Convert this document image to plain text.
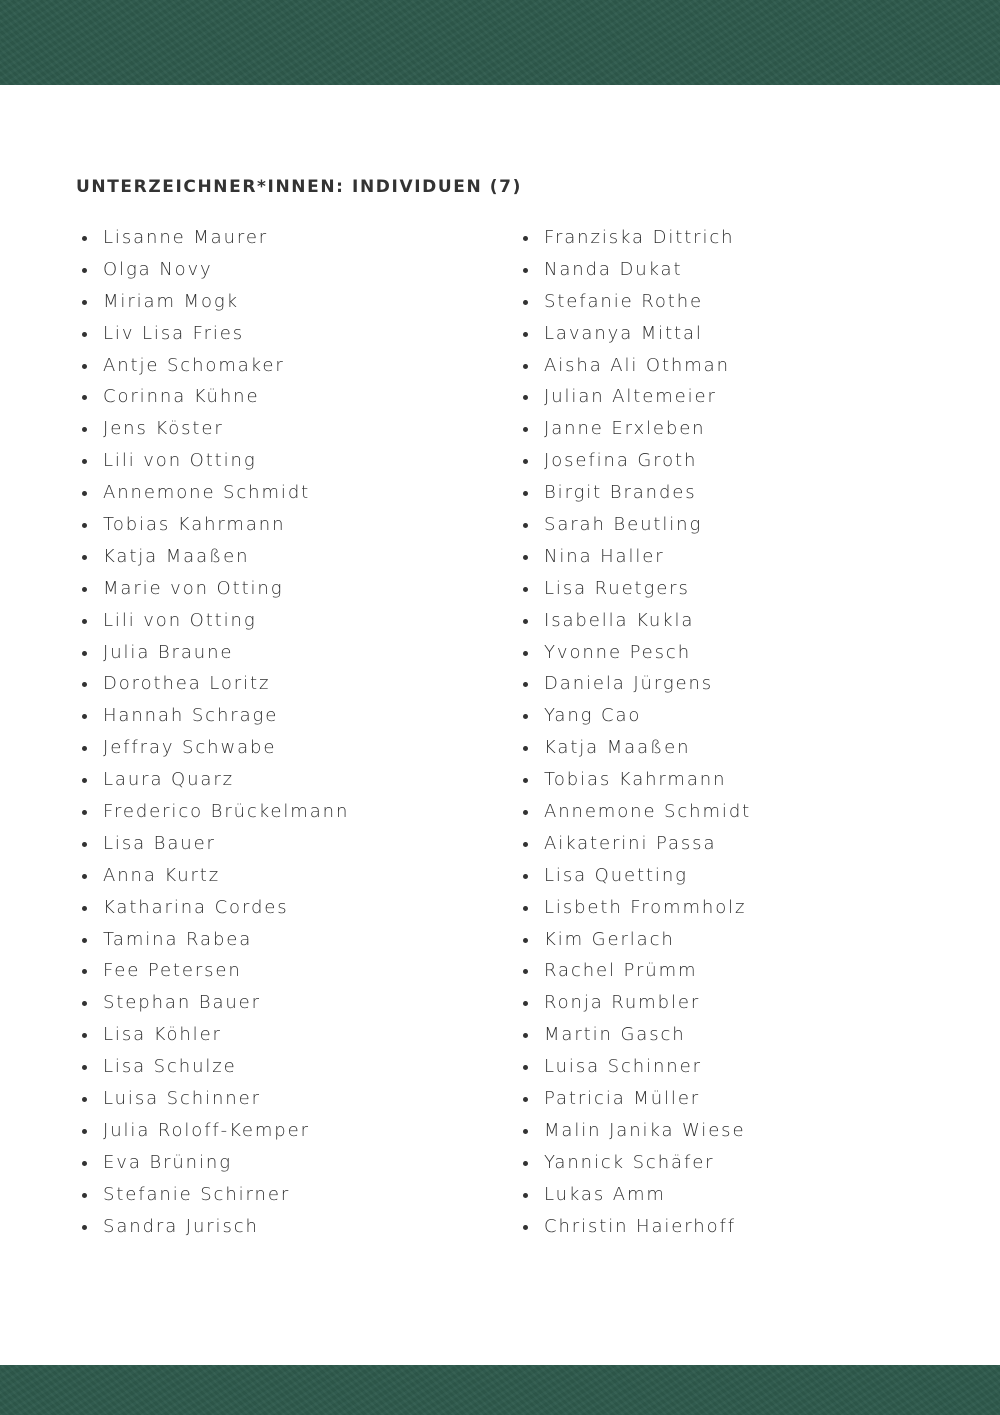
UNTERZEICHNER*INNEN: INDIVIDUEN (7)
Lisanne Maurer
Olga Novy
Miriam Mogk
Liv Lisa Fries
Antje Schomaker
Corinna Kühne
Jens Köster
Lili von Otting
Annemone Schmidt
Tobias Kahrmann
Katja Maaßen
Marie von Otting
Lili von Otting
Julia Braune
Dorothea Loritz
Hannah Schrage
Jeffray Schwabe
Laura Quarz
Frederico Brückelmann
Lisa Bauer
Anna Kurtz
Katharina Cordes
Tamina Rabea
Fee Petersen
Stephan Bauer
Lisa Köhler
Lisa Schulze
Luisa Schinner
Julia Roloff-Kemper
Eva Brüning
Stefanie Schirner
Sandra Jurisch
Franziska Dittrich
Nanda Dukat
Stefanie Rothe
Lavanya Mittal
Aisha Ali Othman
Julian Altemeier
Janne Erxleben
Josefina Groth
Birgit Brandes
Sarah Beutling
Nina Haller
Lisa Ruetgers
Isabella Kukla
Yvonne Pesch
Daniela Jürgens
Yang Cao
Katja Maaßen
Tobias Kahrmann
Annemone Schmidt
Aikaterini Passa
Lisa Quetting
Lisbeth Frommholz
Kim Gerlach
Rachel Prümm
Ronja Rumbler
Martin Gasch
Luisa Schinner
Patricia Müller
Malin Janika Wiese
Yannick Schäfer
Lukas Amm
Christin Haierhoff
